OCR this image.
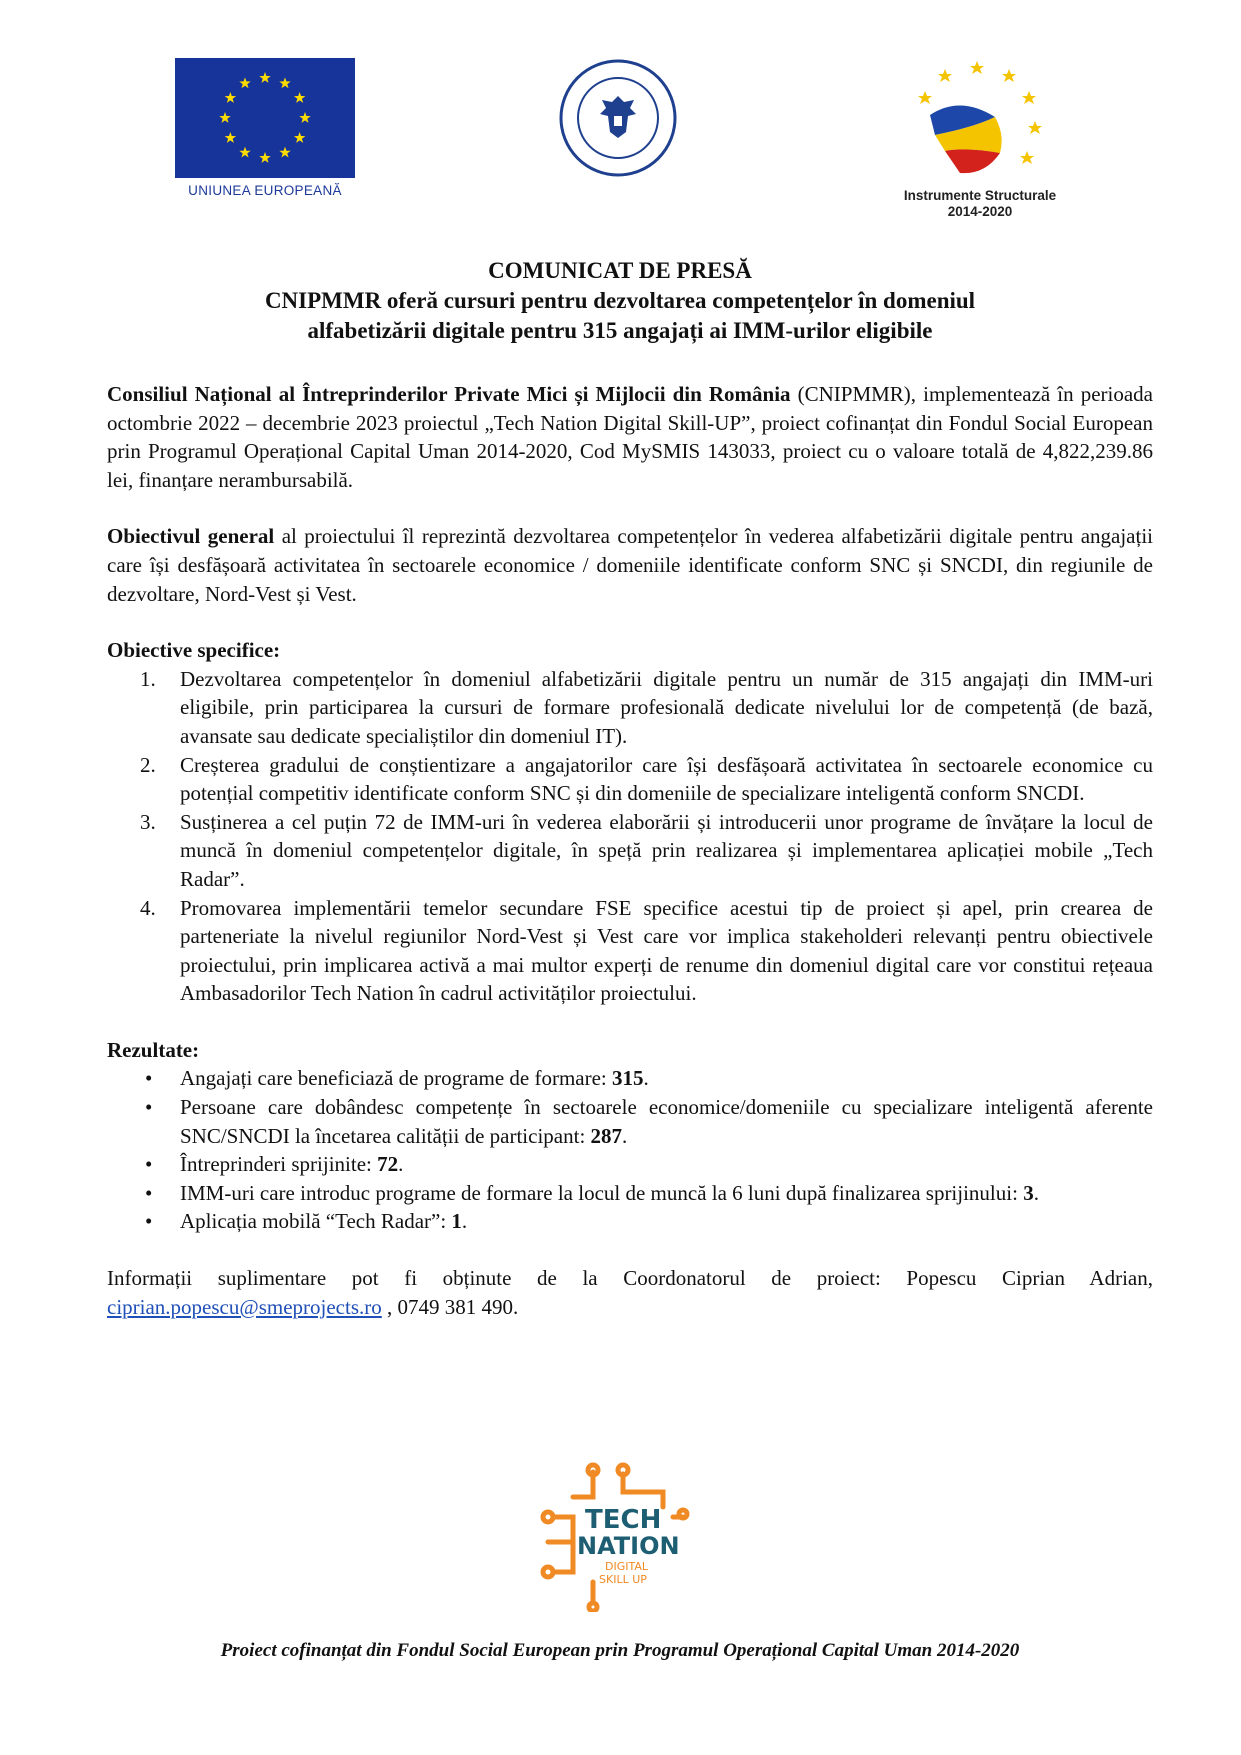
UNIUNEA EUROPEANĂ	Instrumente Structurale
2014-2020
COMUNICAT DE PRESĂ
CNIPMMR oferă cursuri pentru dezvoltarea competențelor în domeniul
alfabetizării digitale pentru 315 angajați ai IMM-urilor eligibile

Consiliul Național al Întreprinderilor Private Mici și Mijlocii din România (CNIPMMR), implementează în perioada octombrie 2022 – decembrie 2023 proiectul „Tech Nation Digital Skill-UP”, proiect cofinanțat din Fondul Social European prin Programul Operațional Capital Uman 2014-2020, Cod MySMIS 143033, proiect cu o valoare totală de 4,822,239.86 lei, finanțare nerambursabilă.

Obiectivul general al proiectului îl reprezintă dezvoltarea competențelor în vederea alfabetizării digitale pentru angajații care își desfășoară activitatea în sectoarele economice / domeniile identificate conform SNC și SNCDI, din regiunile de dezvoltare, Nord-Vest și Vest.

Obiective specifice:

1. Dezvoltarea competențelor în domeniul alfabetizării digitale pentru un număr de 315 angajați din IMM-uri eligibile, prin participarea la cursuri de formare profesională dedicate nivelului lor de competență (de bază, avansate sau dedicate specialiștilor din domeniul IT).
2. Creșterea gradului de conștientizare a angajatorilor care își desfășoară activitatea în sectoarele economice cu potențial competitiv identificate conform SNC și din domeniile de specializare inteligentă conform SNCDI.
3. Susținerea a cel puțin 72 de IMM-uri în vederea elaborării și introducerii unor programe de învățare la locul de muncă în domeniul competențelor digitale, în speță prin realizarea și implementarea aplicației mobile „Tech Radar”.
4. Promovarea implementării temelor secundare FSE specifice acestui tip de proiect și apel, prin crearea de parteneriate la nivelul regiunilor Nord-Vest și Vest care vor implica stakeholderi relevanți pentru obiectivele proiectului, prin implicarea activă a mai multor experți de renume din domeniul digital care vor constitui rețeaua Ambasadorilor Tech Nation în cadrul activităților proiectului.

Rezultate:

• Angajați care beneficiază de programe de formare: 315.
• Persoane care dobândesc competențe în sectoarele economice/domeniile cu specializare inteligentă aferente SNC/SNCDI la încetarea calității de participant: 287.
• Întreprinderi sprijinite: 72.
• IMM-uri care introduc programe de formare la locul de muncă la 6 luni după finalizarea sprijinului: 3.
• Aplicația mobilă “Tech Radar”: 1.

Informații suplimentare pot fi obținute de la Coordonatorul de proiect: Popescu Ciprian Adrian, ciprian.popescu@smeprojects.ro , 0749 381 490.

TECH
NATION
DIGITAL
SKILL UP
Proiect cofinanțat din Fondul Social European prin Programul Operațional Capital Uman 2014-2020
